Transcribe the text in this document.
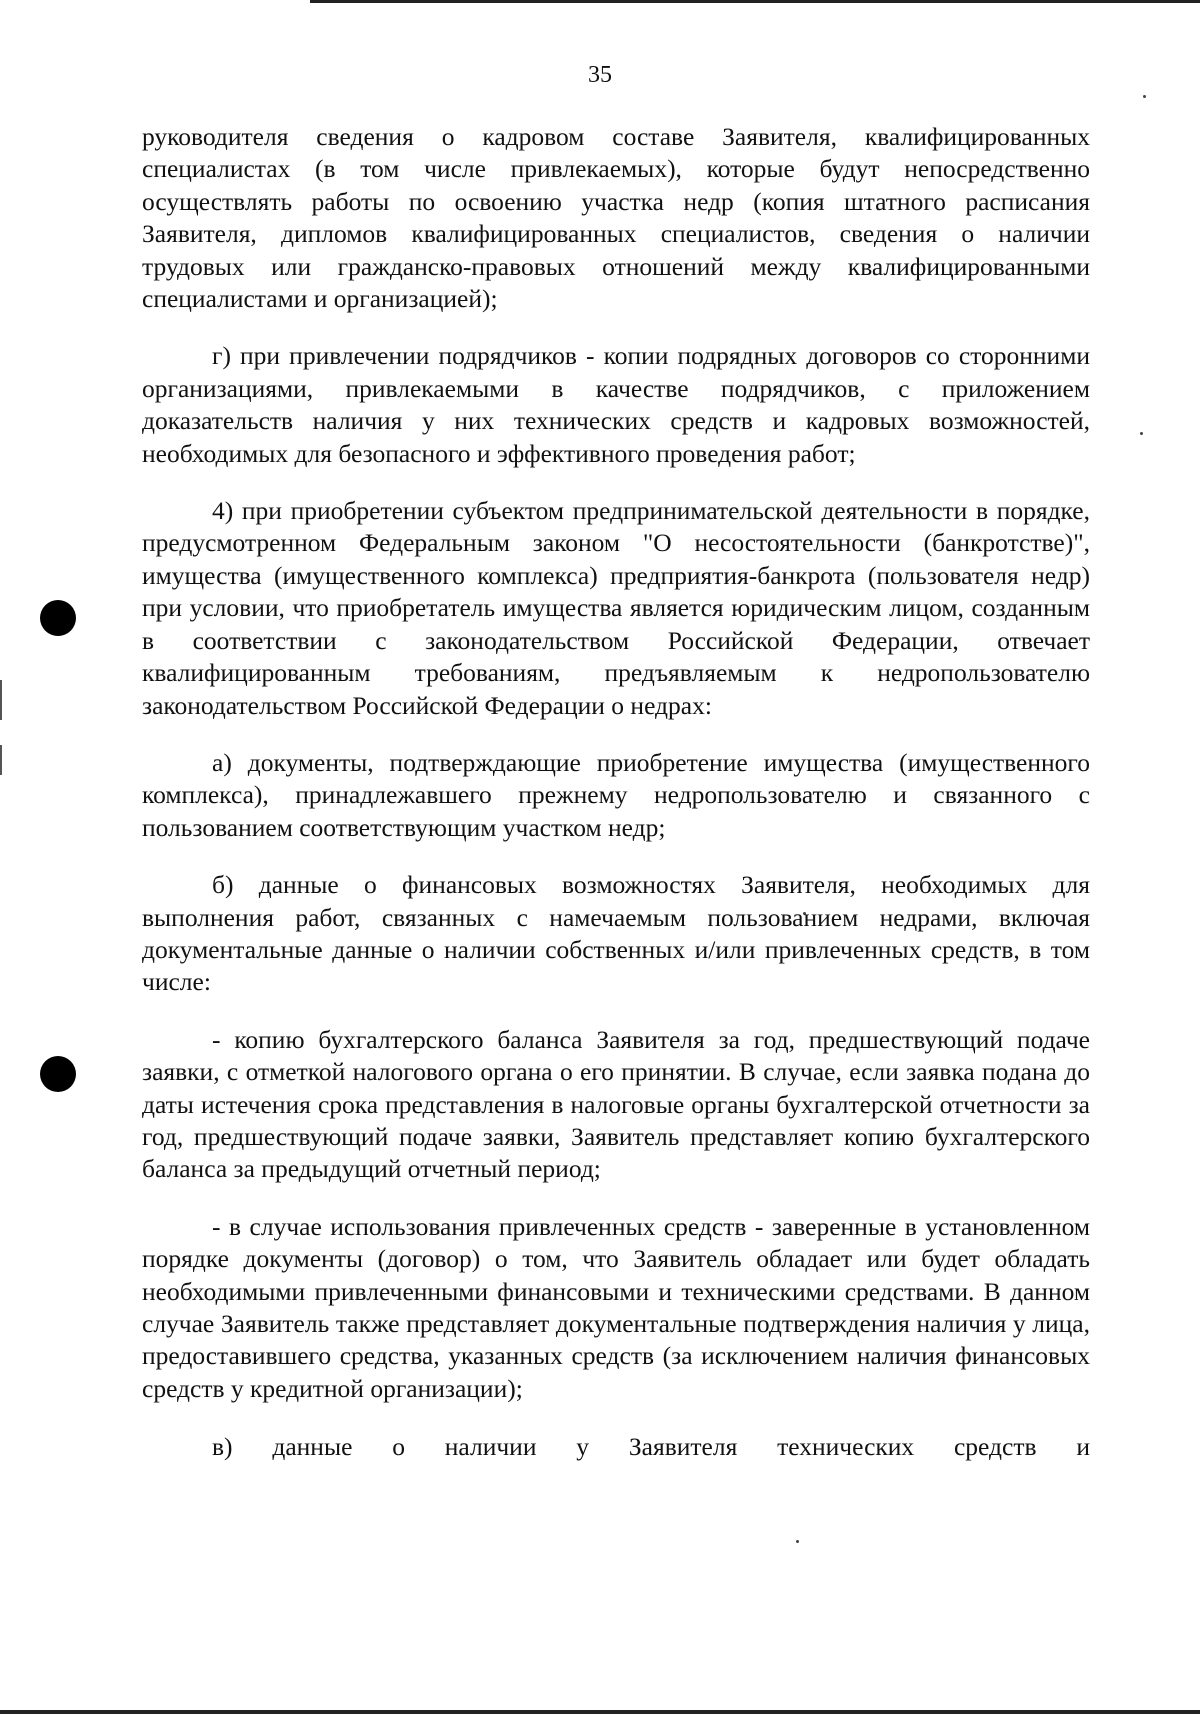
35

руководителя сведения о кадровом составе Заявителя, квалифицированных специалистах (в том числе привлекаемых), которые будут непосредственно осуществлять работы по освоению участка недр (копия штатного расписания Заявителя, дипломов квалифицированных специалистов, сведения о наличии трудовых или гражданско-правовых отношений между квалифицированными специалистами и организацией);

г) при привлечении подрядчиков - копии подрядных договоров со сторонними организациями, привлекаемыми в качестве подрядчиков, с приложением доказательств наличия у них технических средств и кадровых возможностей, необходимых для безопасного и эффективного проведения работ;

4) при приобретении субъектом предпринимательской деятельности в порядке, предусмотренном Федеральным законом "О несостоятельности (банкротстве)", имущества (имущественного комплекса) предприятия-банкрота (пользователя недр) при условии, что приобретатель имущества является юридическим лицом, созданным в соответствии с законодательством Российской Федерации, отвечает квалифицированным требованиям, предъявляемым к недропользователю законодательством Российской Федерации о недрах:

а) документы, подтверждающие приобретение имущества (имущественного комплекса), принадлежавшего прежнему недропользователю и связанного с пользованием соответствующим участком недр;

б) данные о финансовых возможностях Заявителя, необходимых для выполнения работ, связанных с намечаемым пользованием недрами, включая документальные данные о наличии собственных и/или привлеченных средств, в том числе:

- копию бухгалтерского баланса Заявителя за год, предшествующий подаче заявки, с отметкой налогового органа о его принятии. В случае, если заявка подана до даты истечения срока представления в налоговые органы бухгалтерской отчетности за год, предшествующий подаче заявки, Заявитель представляет копию бухгалтерского баланса за предыдущий отчетный период;

- в случае использования привлеченных средств - заверенные в установленном порядке документы (договор) о том, что Заявитель обладает или будет обладать необходимыми привлеченными финансовыми и техническими средствами. В данном случае Заявитель также представляет документальные подтверждения наличия у лица, предоставившего средства, указанных средств (за исключением наличия финансовых средств у кредитной организации);

в) данные о наличии у Заявителя технических средств и
